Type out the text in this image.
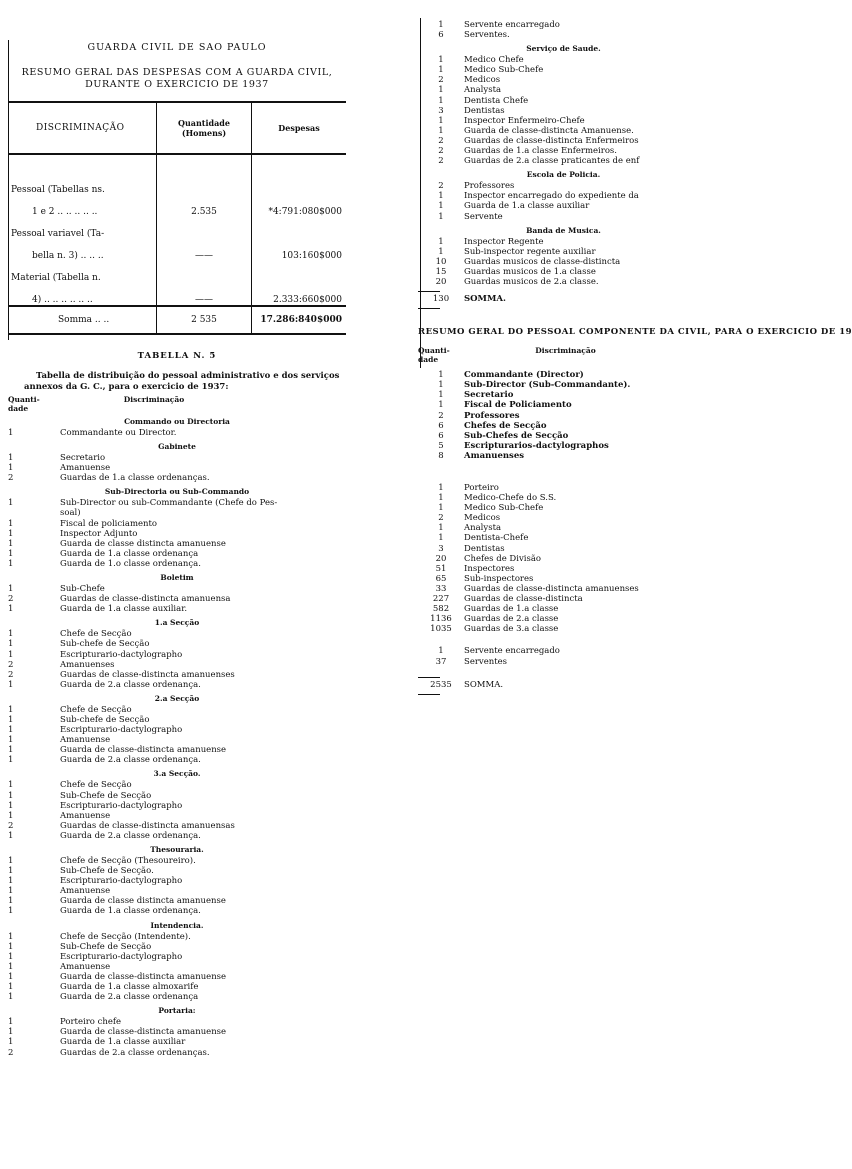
GUARDA CIVIL DE SAO PAULO
RESUMO GERAL DAS DESPESAS COM A GUARDA CIVIL, DURANTE O EXERCICIO DE 1937
DISCRIMINAÇÃO	Quantidade (Homens)	Despesas
Pessoal (Tabellas ns.		
1 e 2 .. .. .. .. ..	2.535	*4:791:080$000
Pessoal variavel (Ta-		
bella n. 3) .. .. ..	——	103:160$000
Material (Tabella n.		
4) .. .. .. .. .. ..	——	2.333:660$000
Somma .. ..	2 535	17.286:840$000
TABELLA N. 5
Tabella de distribuição do pessoal administrativo e dos serviços annexos da G. C., para o exercicio de 1937:
Quanti-dade
Discriminação
Commando ou Directoria
1	Commandante ou Director.
Gabinete
1	Secretario
1	Amanuense
2	Guardas de 1.a classe ordenanças.
Sub-Directoria ou Sub-Commando
1	Sub-Director ou sub-Commandante (Chefe do Pes-
soal)
1	Fiscal de policiamento
1	Inspector Adjunto
1	Guarda de classe distincta amanuense
1	Guarda de 1.a classe ordenança
1	Guarda de 1.o classe ordenança.
Boletim
1	Sub-Chefe
2	Guardas de classe-distincta amanuensa
1	Guarda de 1.a classe auxiliar.
1.a Secção
1	Chefe de Secção
1	Sub-chefe de Secção
1	Escripturario-dactylographo
2	Amanuenses
2	Guardas de classe-distincta amanuenses
1	Guarda de 2.a classe ordenança.
2.a Secção
1	Chefe de Secção
1	Sub-chefe de Secção
1	Escripturario-dactylographo
1	Amanuense
1	Guarda de classe-distincta amanuense
1	Guarda de 2.a classe ordenança.
3.a Secção.
1	Chefe de Secção
1	Sub-Chefe de Secção
1	Escripturario-dactylographo
1	Amanuense
2	Guardas de classe-distincta amanuensas
1	Guarda de 2.a classe ordenança.
Thesouraria.
1	Chefe de Secção (Thesoureiro).
1	Sub-Chefe de Secção.
1	Escripturario-dactylographo
1	Amanuense
1	Guarda de classe distincta amanuense
1	Guarda de 1.a classe ordenança.
Intendencia.
1	Chefe de Secção (Intendente).
1	Sub-Chefe de Secção
1	Escripturario-dactylographo
1	Amanuense
1	Guarda de classe-distincta amanuense
1	Guarda de 1.a classe almoxarife
1	Guarda de 2.a classe ordenança
Portaria:
1	Porteiro chefe
1	Guarda de classe-distincta amanuense
1	Guarda de 1.a classe auxiliar
2	Guardas de 2.a classe ordenanças.
1	Servente encarregado
6	Serventes.
Serviço de Saude.
1	Medico Chefe
1	Medico Sub-Chefe
2	Medicos
1	Analysta
1	Dentista Chefe
3	Dentistas
1	Inspector Enfermeiro-Chefe
1	Guarda de classe-distincta Amanuense.
2	Guardas de classe-distincta Enfermeiros
2	Guardas de 1.a classe Enfermeiros.
2	Guardas de 2.a classe praticantes de enf
Escola de Policia.
2	Professores
1	Inspector encarregado do expediente da
1	Guarda de 1.a classe auxiliar
1	Servente
Banda de Musica.
1	Inspector Regente
1	Sub-inspector regente auxiliar
10	Guardas musicos de classe-distincta
15	Guardas musicos de 1.a classe
20	Guardas musicos de 2.a classe.
130	SOMMA.
RESUMO GERAL DO PESSOAL COMPONENTE DA CIVIL, PARA O EXERCICIO DE 19
Quanti-dade
Discriminação
1	Commandante (Director)
1	Sub-Director (Sub-Commandante).
1	Secretario
1	Fiscal de Policiamento
2	Professores
6	Chefes de Secção
6	Sub-Chefes de Secção
5	Escripturarios-dactylographos
8	Amanuenses
1	Porteiro
1	Medico-Chefe do S.S.
1	Medico Sub-Chefe
2	Medicos
1	Analysta
1	Dentista-Chefe
3	Dentistas
20	Chefes de Divisão
51	Inspectores
65	Sub-inspectores
33	Guardas de classe-distincta amanuenses
227	Guardas de classe-distincta
582	Guardas de 1.a classe
1136	Guardas de 2.a classe
1035	Guardas de 3.a classe
1	Servente encarregado
37	Serventes
2535	SOMMA.
